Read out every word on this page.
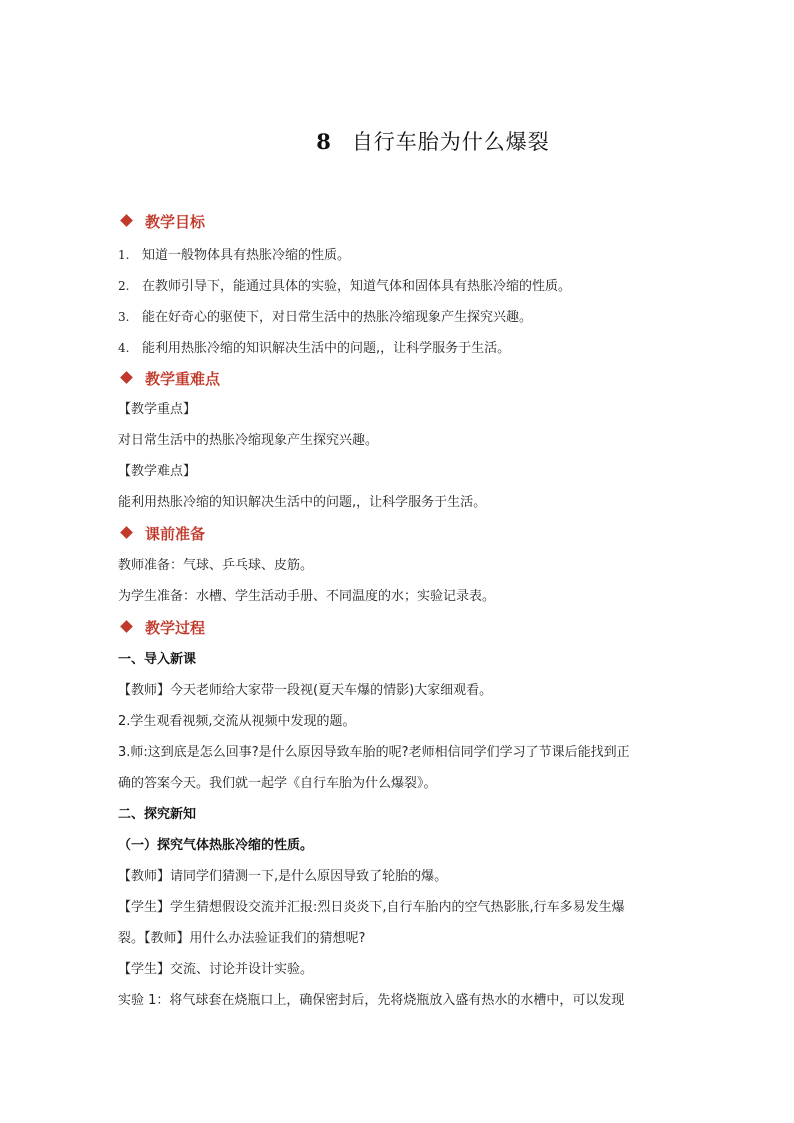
8 自行车胎为什么爆裂
教学目标
1. 知道一般物体具有热胀冷缩的性质。
2. 在教师引导下，能通过具体的实验，知道气体和固体具有热胀冷缩的性质。
3. 能在好奇心的驱使下，对日常生活中的热胀冷缩现象产生探究兴趣。
4. 能利用热胀冷缩的知识解决生活中的问题,，让科学服务于生活。
教学重难点
【教学重点】
对日常生活中的热胀冷缩现象产生探究兴趣。
【教学难点】
能利用热胀冷缩的知识解决生活中的问题,，让科学服务于生活。
课前准备
教师准备：气球、乒乓球、皮筋。
为学生准备：水槽、学生活动手册、不同温度的水；实验记录表。
教学过程
一、导入新课
【教师】今天老师给大家带一段视(夏天车爆的情影)大家细观看。
2.学生观看视频,交流从视频中发现的题。
3.师:这到底是怎么回事?是什么原因导致车胎的呢?老师相信同学们学习了节课后能找到正
确的答案今天。我们就一起学《自行车胎为什么爆裂》。
二、探究新知
（一）探究气体热胀冷缩的性质。
【教师】请同学们猜测一下,是什么原因导致了轮胎的爆。
【学生】学生猜想假设交流并汇报:烈日炎炎下,自行车胎内的空气热影胀,行车多易发生爆
裂。【教师】用什么办法验证我们的猜想呢?
【学生】交流、讨论并设计实验。
实验 1：将气球套在烧瓶口上，确保密封后，先将烧瓶放入盛有热水的水槽中，可以发现
